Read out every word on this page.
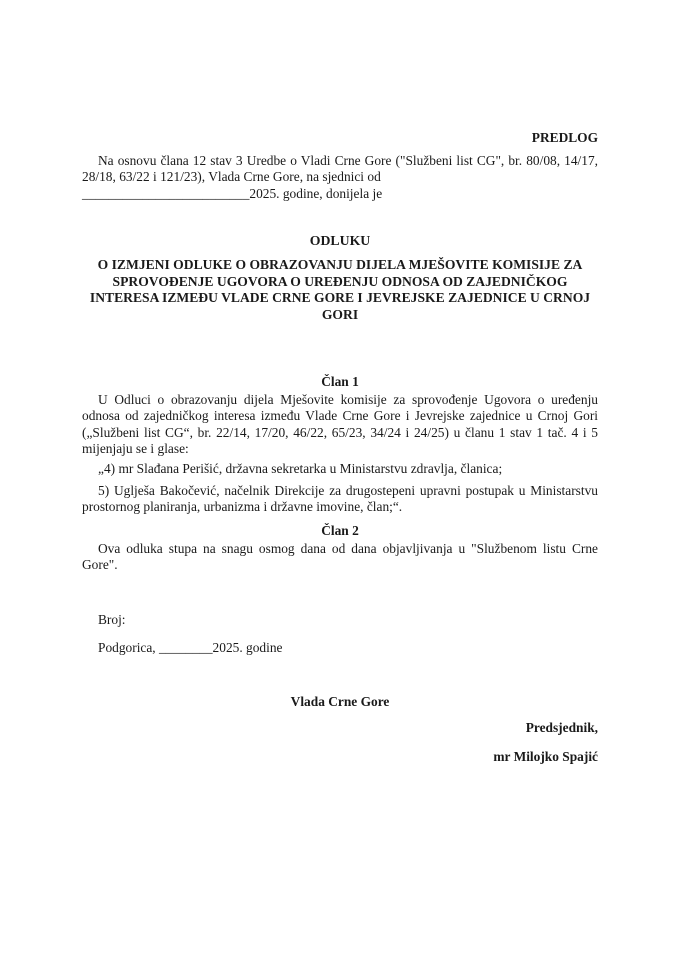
PREDLOG

Na osnovu člana 12 stav 3 Uredbe o Vladi Crne Gore ("Službeni list CG", br. 80/08, 14/17, 28/18, 63/22 i 121/23), Vlada Crne Gore, na sjednici od

_________________________2025. godine, donijela je

ODLUKU
O IZMJENI ODLUKE O OBRAZOVANJU DIJELA MJEŠOVITE KOMISIJE ZA SPROVOĐENJE UGOVORA O UREĐENJU ODNOSA OD ZAJEDNIČKOG INTERESA IZMEĐU VLADE CRNE GORE I JEVREJSKE ZAJEDNICE U CRNOJ GORI
Član 1

U Odluci o obrazovanju dijela Mješovite komisije za sprovođenje Ugovora o uređenju odnosa od zajedničkog interesa između Vlade Crne Gore i Jevrejske zajednice u Crnoj Gori („Službeni list CG“, br. 22/14, 17/20, 46/22, 65/23, 34/24 i 24/25) u članu 1 stav 1 tač. 4 i 5 mijenjaju se i glase:

„4) mr Slađana Perišić, državna sekretarka u Ministarstvu zdravlja, članica;

5) Uglješa Bakočević, načelnik Direkcije za drugostepeni upravni postupak u Ministarstvu prostornog planiranja, urbanizma i državne imovine, član;“.

Član 2

Ova odluka stupa na snagu osmog dana od dana objavljivanja u "Službenom listu Crne Gore".

Broj:
Podgorica, ________2025. godine
Vlada Crne Gore
Predsjednik,
mr Milojko Spajić
